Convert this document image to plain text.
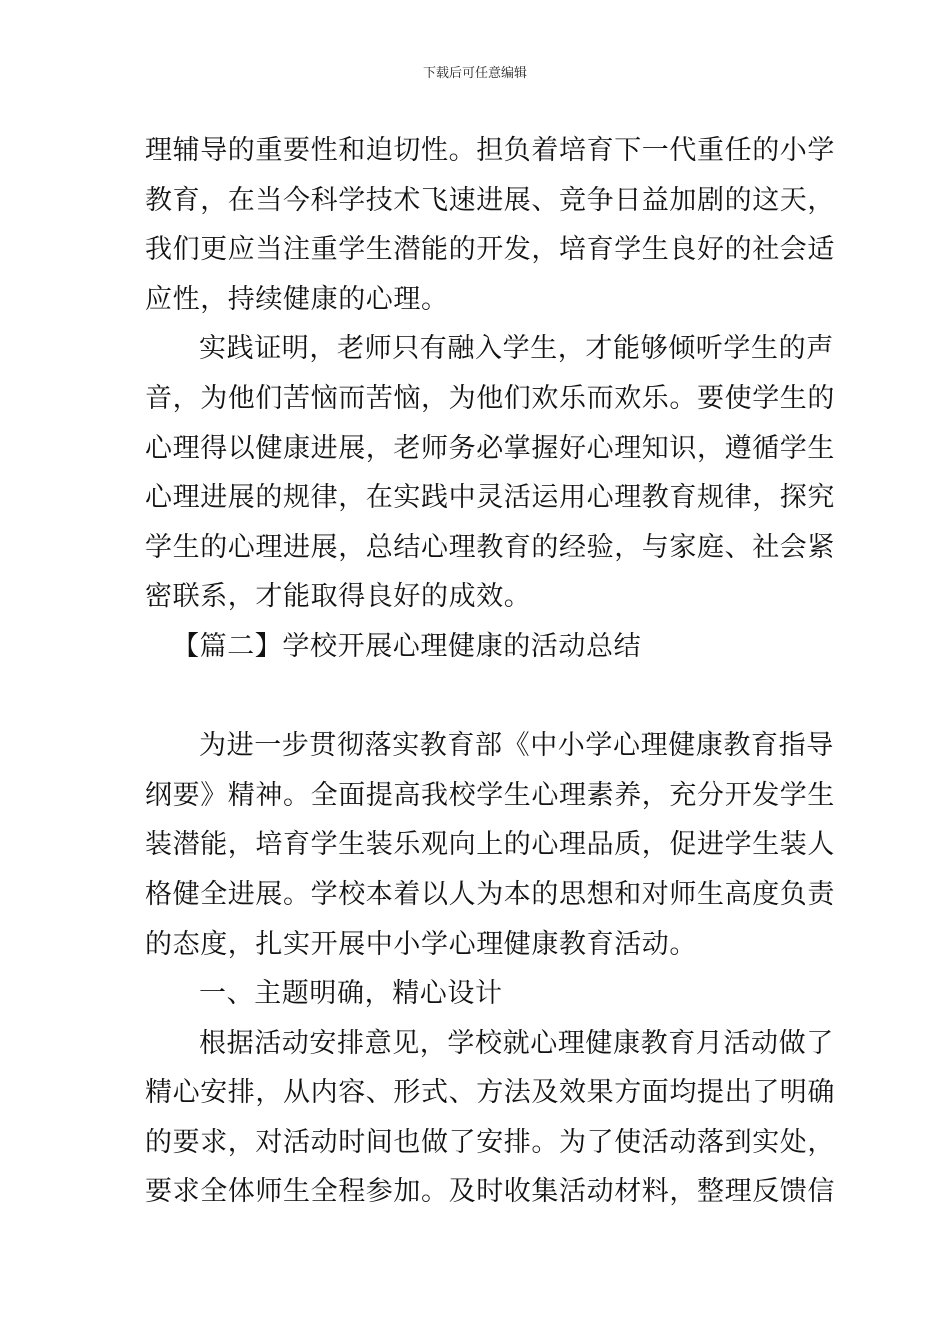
下载后可任意编辑
理辅导的重要性和迫切性。担负着培育下一代重任的小学
教育，在当今科学技术飞速进展、竞争日益加剧的这天，
我们更应当注重学生潜能的开发，培育学生良好的社会适
应性，持续健康的心理。
实践证明，老师只有融入学生，才能够倾听学生的声
音，为他们苦恼而苦恼，为他们欢乐而欢乐。要使学生的
心理得以健康进展，老师务必掌握好心理知识，遵循学生
心理进展的规律，在实践中灵活运用心理教育规律，探究
学生的心理进展，总结心理教育的经验，与家庭、社会紧
密联系，才能取得良好的成效。
【篇二】学校开展心理健康的活动总结
为进一步贯彻落实教育部《中小学心理健康教育指导
纲要》精神。全面提高我校学生心理素养，充分开发学生
装潜能，培育学生装乐观向上的心理品质，促进学生装人
格健全进展。学校本着以人为本的思想和对师生高度负责
的态度，扎实开展中小学心理健康教育活动。
一、主题明确，精心设计
根据活动安排意见，学校就心理健康教育月活动做了
精心安排，从内容、形式、方法及效果方面均提出了明确
的要求，对活动时间也做了安排。为了使活动落到实处，
要求全体师生全程参加。及时收集活动材料，整理反馈信
